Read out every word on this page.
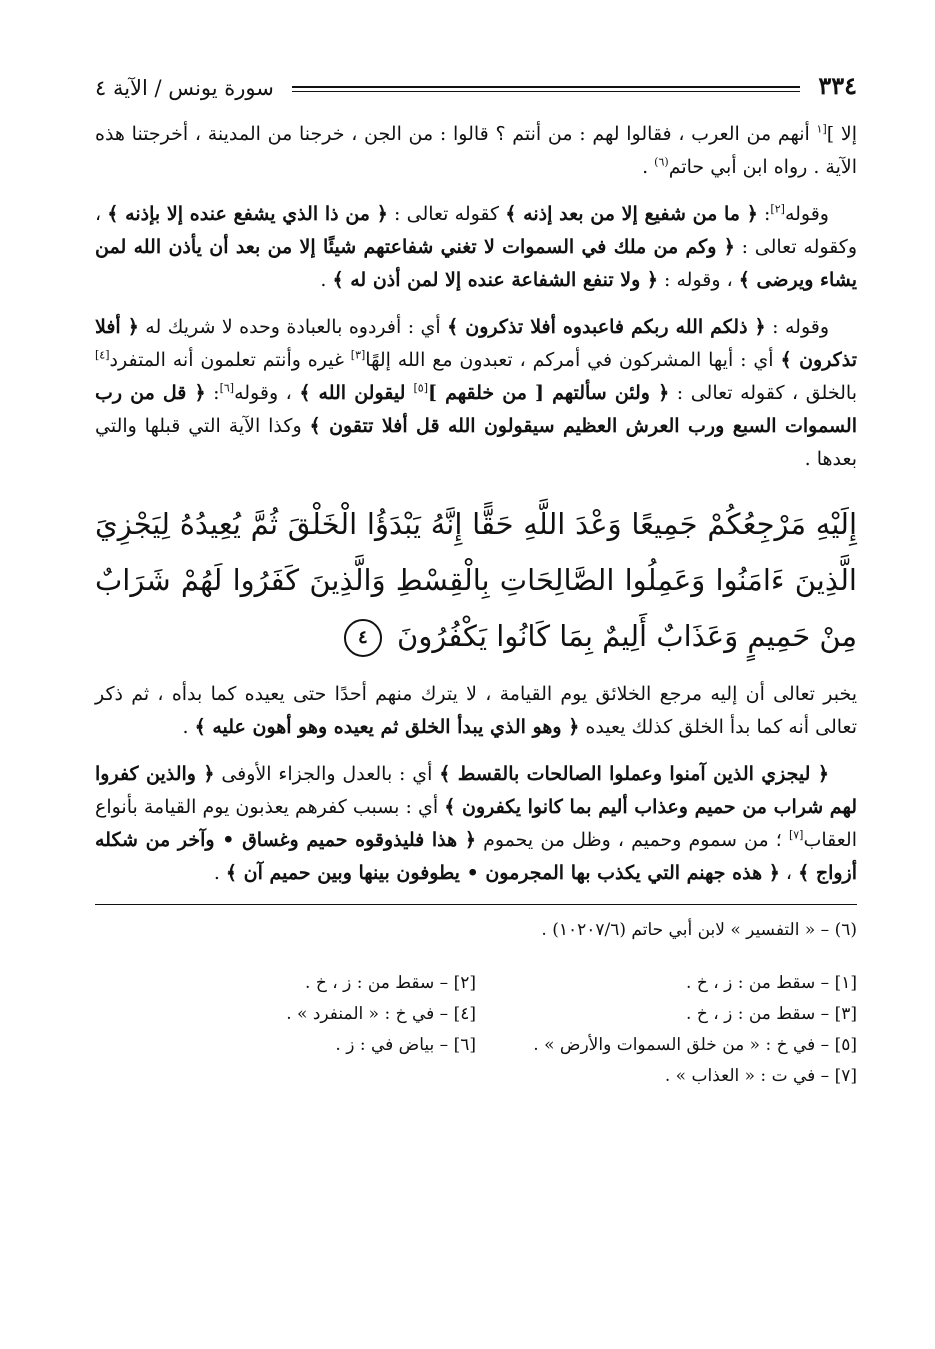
٣٣٤
سورة يونس / الآية ٤

إلا ]$^{[١}$ أنهم من العرب ، فقالوا لهم : من أنتم ؟ قالوا : من الجن ، خرجنا من المدينة ، أخرجتنا هذه الآية . رواه ابن أبي حاتم$^{(٦)}$ .

وقوله[٢]: ﴿ ما من شفيع إلا من بعد إذنه ﴾ كقوله تعالى : ﴿ من ذا الذي يشفع عنده إلا بإذنه ﴾ ، وكقوله تعالى : ﴿ وكم من ملك في السموات لا تغني شفاعتهم شيئًا إلا من بعد أن يأذن الله لمن يشاء ويرضى ﴾ ، وقوله : ﴿ ولا تنفع الشفاعة عنده إلا لمن أذن له ﴾ .

وقوله : ﴿ ذلكم الله ربكم فاعبدوه أفلا تذكرون ﴾ أي : أفردوه بالعبادة وحده لا شريك له ﴿ أفلا تذكرون ﴾ أي : أيها المشركون في أمركم ، تعبدون مع الله إلهًا[٣] غيره وأنتم تعلمون أنه المتفرد[٤] بالخلق ، كقوله تعالى : ﴿ ولئن سألتهم [ من خلقهم ][٥] ليقولن الله ﴾ ، وقوله[٦]: ﴿ قل من رب السموات السبع ورب العرش العظيم سيقولون الله قل أفلا تتقون ﴾ وكذا الآية التي قبلها والتي بعدها .

إِلَيْهِ مَرْجِعُكُمْ جَمِيعًا وَعْدَ اللَّهِ حَقًّا إِنَّهُ يَبْدَؤُا الْخَلْقَ ثُمَّ يُعِيدُهُ لِيَجْزِيَ الَّذِينَ ءَامَنُوا وَعَمِلُوا الصَّالِحَاتِ بِالْقِسْطِ وَالَّذِينَ كَفَرُوا لَهُمْ شَرَابٌ مِنْ حَمِيمٍ وَعَذَابٌ أَلِيمٌ بِمَا كَانُوا يَكْفُرُونَ ٤

يخبر تعالى أن إليه مرجع الخلائق يوم القيامة ، لا يترك منهم أحدًا حتى يعيده كما بدأه ، ثم ذكر تعالى أنه كما بدأ الخلق كذلك يعيده ﴿ وهو الذي يبدأ الخلق ثم يعيده وهو أهون عليه ﴾ .

﴿ ليجزي الذين آمنوا وعملوا الصالحات بالقسط ﴾ أي : بالعدل والجزاء الأوفى ﴿ والذين كفروا لهم شراب من حميم وعذاب أليم بما كانوا يكفرون ﴾ أي : بسبب كفرهم يعذبون يوم القيامة بأنواع العقاب[٧] ؛ من سموم وحميم ، وظل من يحموم ﴿ هذا فليذوقوه حميم وغساق • وآخر من شكله أزواج ﴾ ، ﴿ هذه جهنم التي يكذب بها المجرمون • يطوفون بينها وبين حميم آن ﴾ .

(٦) – « التفسير » لابن أبي حاتم (١٠٢٠٧/٦) .
[١] – سقط من : ز ، خ .
[٢] – سقط من : ز ، خ .
[٣] – سقط من : ز ، خ .
[٤] – في خ : « المنفرد » .
[٥] – في خ : « من خلق السموات والأرض » .
[٦] – بياض في : ز .
[٧] – في ت : « العذاب » .
